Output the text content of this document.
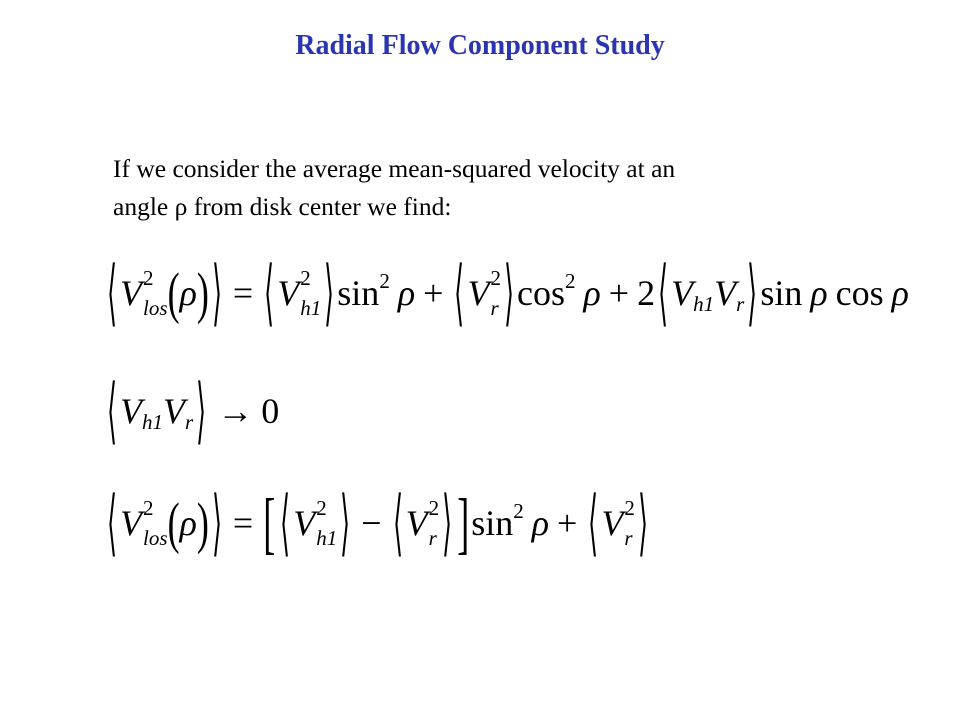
Radial Flow Component Study
If we consider the average mean-squared velocity at an
angle ρ from disk center we find:
⟨ V 2
los ( ρ ) ⟩ = ⟨ V 2
h1 ⟩ sin 2 ρ + ⟨ V 2
r ⟩ cos 2 ρ + 2 ⟨ V h1 V r ⟩ sin ρ cos ρ
⟨ V h1 V r ⟩ → 0
⟨ V 2
los ( ρ ) ⟩ = [ ⟨ V 2
h1 ⟩ − ⟨ V 2
r ⟩ ] sin 2 ρ + ⟨ V 2
r ⟩
